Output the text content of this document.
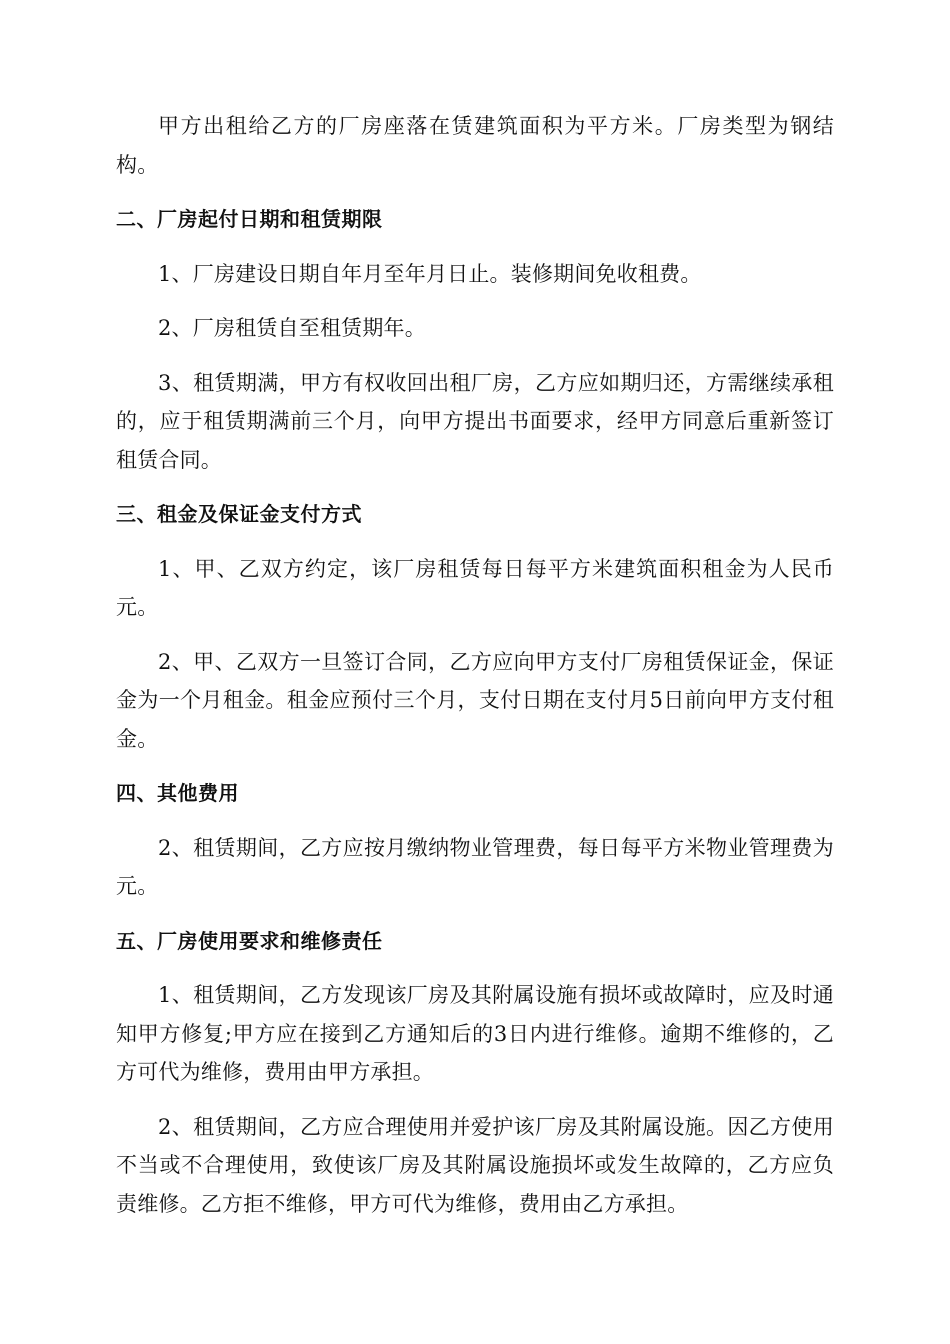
甲方出租给乙方的厂房座落在赁建筑面积为平方米。厂房类型为钢结构。

二、厂房起付日期和租赁期限

1、厂房建设日期自年月至年月日止。装修期间免收租费。

2、厂房租赁自至租赁期年。

3、租赁期满，甲方有权收回出租厂房，乙方应如期归还，方需继续承租的，应于租赁期满前三个月，向甲方提出书面要求，经甲方同意后重新签订租赁合同。

三、租金及保证金支付方式

1、甲、乙双方约定，该厂房租赁每日每平方米建筑面积租金为人民币元。

2、甲、乙双方一旦签订合同，乙方应向甲方支付厂房租赁保证金，保证金为一个月租金。租金应预付三个月，支付日期在支付月5日前向甲方支付租金。

四、其他费用

2、租赁期间，乙方应按月缴纳物业管理费，每日每平方米物业管理费为元。

五、厂房使用要求和维修责任

1、租赁期间，乙方发现该厂房及其附属设施有损坏或故障时，应及时通知甲方修复;甲方应在接到乙方通知后的3日内进行维修。逾期不维修的，乙方可代为维修，费用由甲方承担。

2、租赁期间，乙方应合理使用并爱护该厂房及其附属设施。因乙方使用不当或不合理使用，致使该厂房及其附属设施损坏或发生故障的，乙方应负责维修。乙方拒不维修，甲方可代为维修，费用由乙方承担。
